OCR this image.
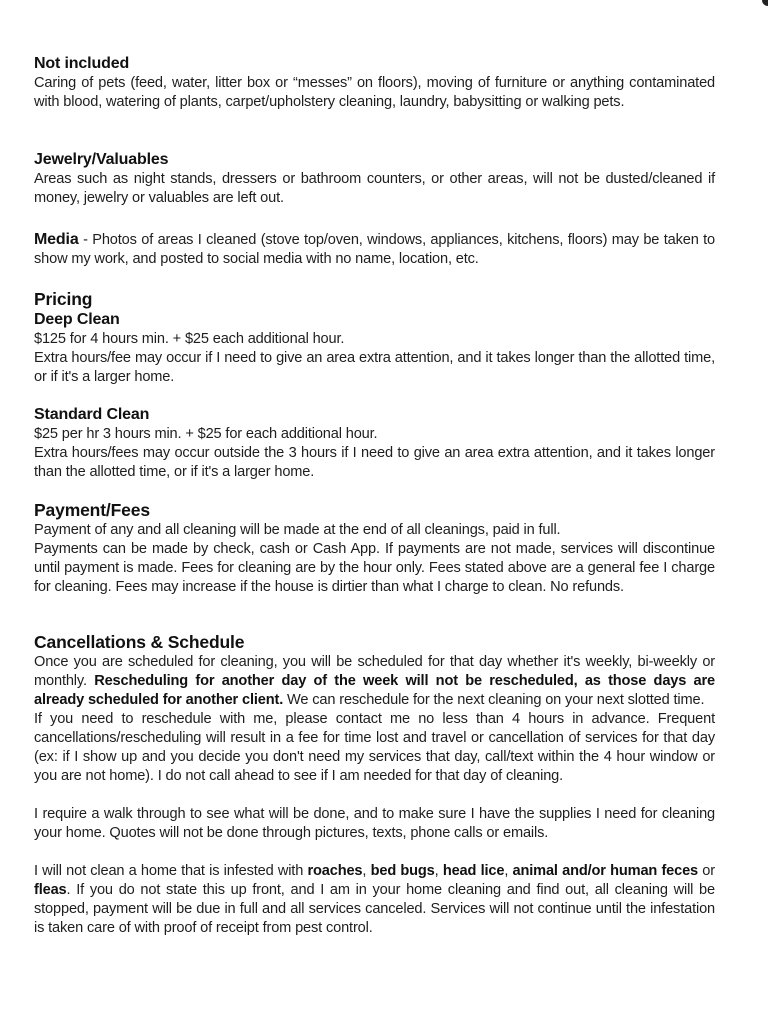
Not included

Caring of pets (feed, water, litter box or “messes” on floors), moving of furniture or anything contaminated with blood, watering of plants, carpet/upholstery cleaning, laundry, babysitting or walking pets.

Jewelry/Valuables

Areas such as night stands, dressers or bathroom counters, or other areas, will not be dusted/cleaned if money, jewelry or valuables are left out.

Media - Photos of areas I cleaned (stove top/oven, windows, appliances, kitchens, floors) may be taken to show my work, and posted to social media with no name, location, etc.

Pricing
Deep Clean

$125 for 4 hours min. + $25 each additional hour.

Extra hours/fee may occur if I need to give an area extra attention, and it takes longer than the allotted time, or if it's a larger home.

Standard Clean

$25 per hr 3 hours min. + $25 for each additional hour.

Extra hours/fees may occur outside the 3 hours if I need to give an area extra attention, and it takes longer than the allotted time, or if it's a larger home.

Payment/Fees

Payment of any and all cleaning will be made at the end of all cleanings, paid in full.

Payments can be made by check, cash or Cash App. If payments are not made, services will discontinue until payment is made. Fees for cleaning are by the hour only. Fees stated above are a general fee I charge for cleaning. Fees may increase if the house is dirtier than what I charge to clean. No refunds.

Cancellations & Schedule

Once you are scheduled for cleaning, you will be scheduled for that day whether it's weekly, bi-weekly or monthly. Rescheduling for another day of the week will not be rescheduled, as those days are already scheduled for another client. We can reschedule for the next cleaning on your next slotted time.

If you need to reschedule with me, please contact me no less than 4 hours in advance. Frequent cancellations/rescheduling will result in a fee for time lost and travel or cancellation of services for that day (ex: if I show up and you decide you don't need my services that day, call/text within the 4 hour window or you are not home). I do not call ahead to see if I am needed for that day of cleaning.

I require a walk through to see what will be done, and to make sure I have the supplies I need for cleaning your home. Quotes will not be done through pictures, texts, phone calls or emails.

I will not clean a home that is infested with roaches, bed bugs, head lice, animal and/or human feces or fleas. If you do not state this up front, and I am in your home cleaning and find out, all cleaning will be stopped, payment will be due in full and all services canceled. Services will not continue until the infestation is taken care of with proof of receipt from pest control.
